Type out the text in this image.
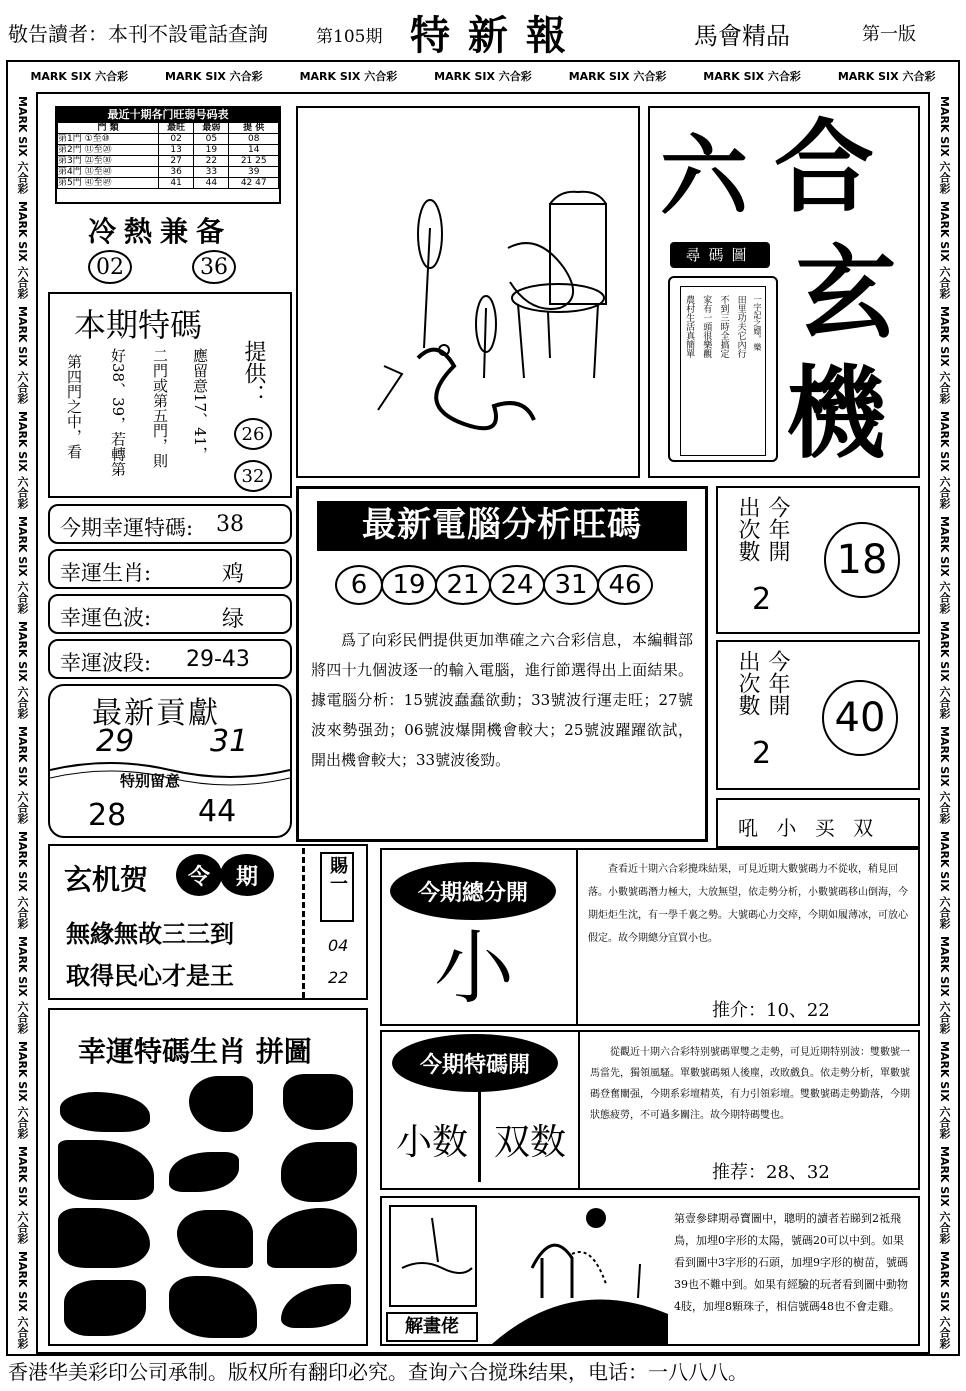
敬告讀者：本刊不設電話查詢	第105期 特 新 報	馬會精品	第一版
MARK SIX 六合彩	MARK SIX 六合彩	MARK SIX 六合彩	MARK SIX 六合彩	MARK SIX 六合彩	MARK SIX 六合彩	MARK SIX 六合彩
MARK SIX 六合彩
MARK SIX 六合彩
MARK SIX 六合彩
MARK SIX 六合彩
MARK SIX 六合彩
MARK SIX 六合彩
MARK SIX 六合彩
MARK SIX 六合彩
MARK SIX 六合彩
MARK SIX 六合彩
MARK SIX 六合彩
MARK SIX 六合彩
MARK SIX 六合彩
MARK SIX 六合彩
MARK SIX 六合彩
MARK SIX 六合彩
MARK SIX 六合彩
MARK SIX 六合彩
MARK SIX 六合彩
MARK SIX 六合彩
MARK SIX 六合彩
MARK SIX 六合彩
MARK SIX 六合彩
MARK SIX 六合彩
最近十期各门旺弱号码表
門 類	最旺	最弱	提 供
第1門 ①至⑩	02	05	08
第2門 ⑪至⑳	13	19	14
第3門 ㉑至㉚	27	22	21 25
第4門 ㉛至㊵	36	33	39
第5門 ㊶至㊾	41	44	42 47
冷熱兼备
02	36
本期特碼
應留意17、41，
二門或第五門，則
好38、39，若轉第
第四門之中，看	提供：
26
32
今期幸運特碼: 38
幸運生肖:	鸡
幸運色波:	绿
幸運波段: 29-43
最新貢獻
29	31
特别留意
28 44
玄机贺	令	期
無緣無故三三到
取得民心才是王
賜一
04
22
幸運特碼生肖 拼圖
最新電腦分析旺碼
6 19 21 24 31 46
爲了向彩民們提供更加準確之六合彩信息，本編輯部將四十九個波逐一的輸入電腦，進行節選得出上面結果。據電腦分析：15號波蠢蠢欲動；33號波行運走旺；27號波來勢强劲；06號波爆開機會較大；25號波躍躍欲試，開出機會較大；33號波後勁。
今期總分開
小
查看近十期六合彩攪珠結果，可見近期大數號碼力不從收，稍見回落。小數號碼潛力極大，大放無望，依走勢分析，小數號碼移山倒海，今期炬炬生沈，有一學千裏之勢。大號碼心力交瘁，今期如履薄冰，可放心假定。故今期總分宜買小也。
推介：10、22
今期特碼開
小数 双数
從觀近十期六合彩特别號碼單雙之走勢，可見近期特别波：雙數號一馬當先，獨領風騷。單數號碼頻人後塵，改敗戲負。依走勢分析，單數號碼登奮闡强，今期系彩壇精英，有力引領彩壇。雙數號碼走勢勤落，今期狀態疲勞，不可過多關注。故今期特碼雙也。
推荐：28、32
解畫佬
第壹參肆期尋寶圖中，聰明的讀者若睇到2祗飛鳥，加埋0字形的太陽，號碼20可以中到。如果看到圖中3字形的石頭，加埋9字形的樹苗，號碼39也不難中到。如果有經驗的玩者看到圖中動物4肢，加埋8顆珠子，相信號碼48也不會走雞。
六 合
玄
機
尋碼圖
一字記之嫖，樂
田里功夫它內行
不到三時全搞定
家有一頭很樂觀
農村生活真簡單
今年開
出次數
2
18
今年開
出次數
2
40
吼 小 买 双
香港华美彩印公司承制。版权所有翻印必究。查询六合搅珠结果，电话：一八八八。
